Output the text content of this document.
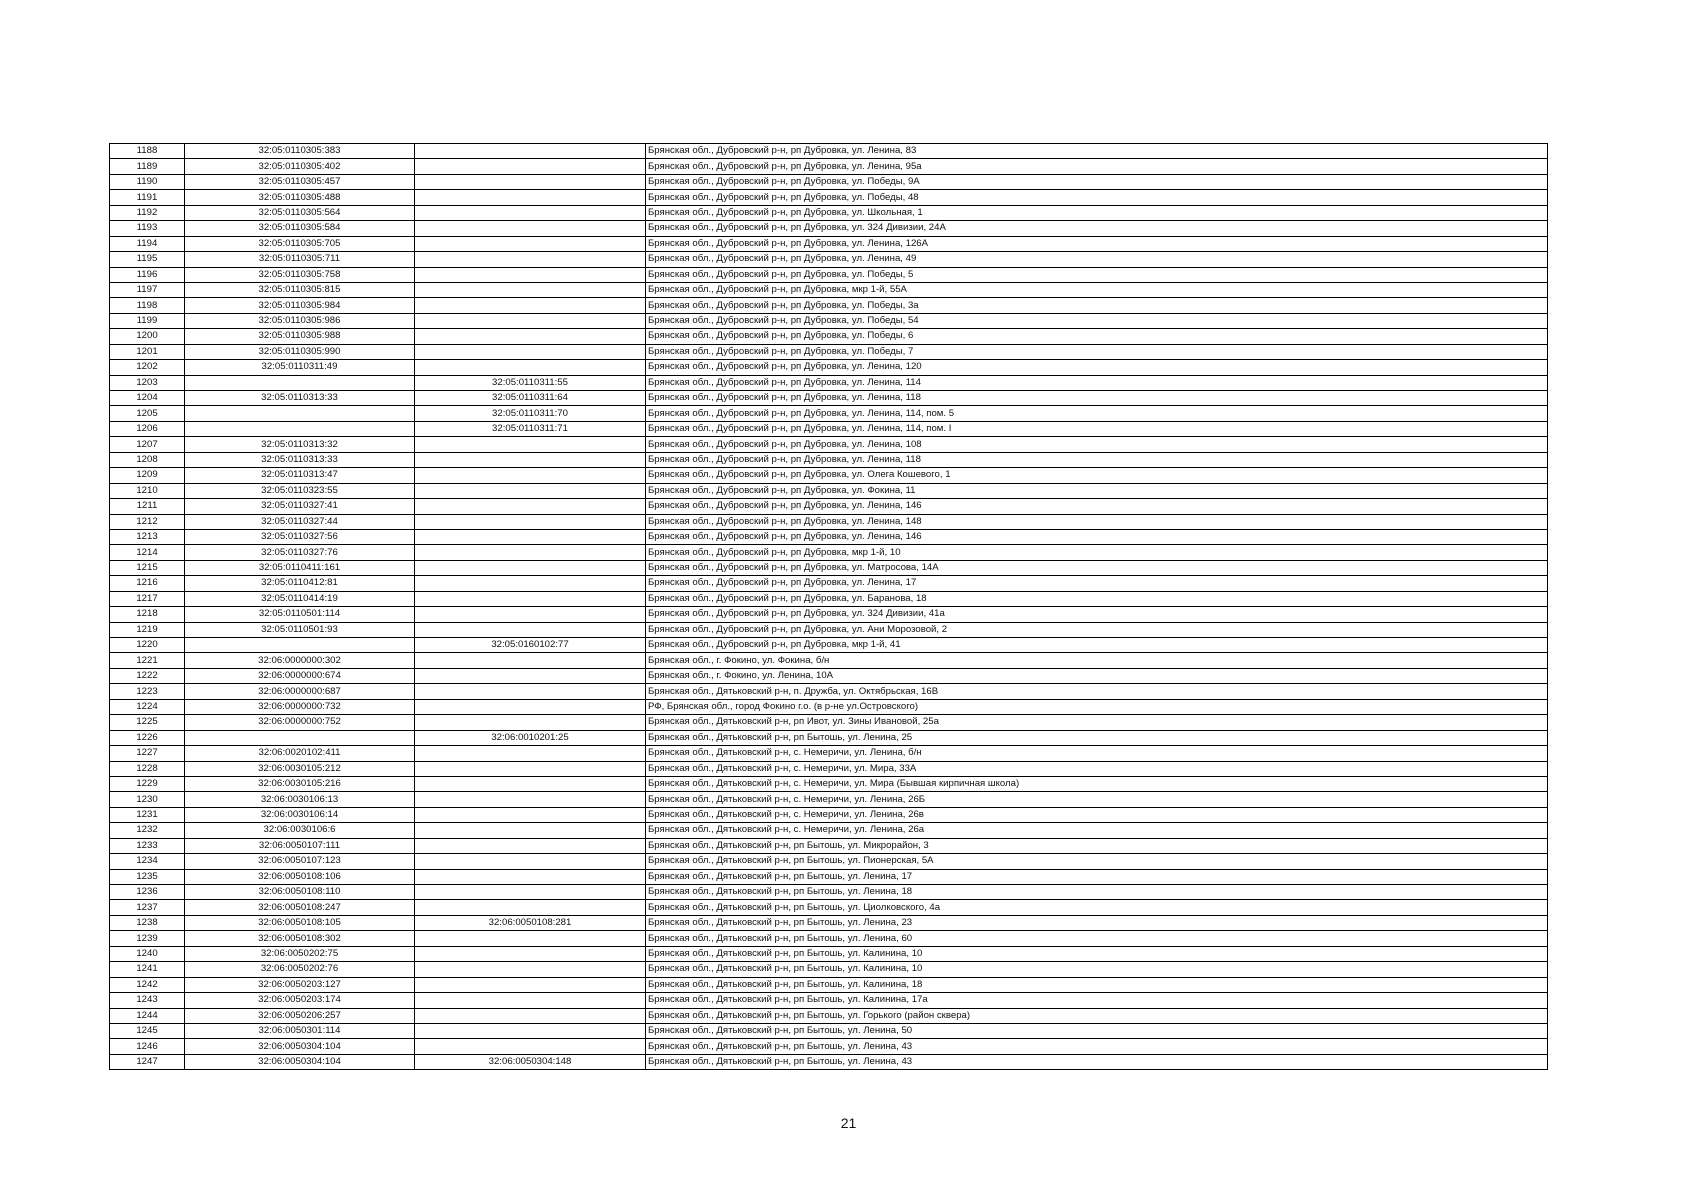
1188	32:05:0110305:383		Брянская обл., Дубровский р-н, рп Дубровка, ул. Ленина, 83
1189	32:05:0110305:402		Брянская обл., Дубровский р-н, рп Дубровка, ул. Ленина, 95а
1190	32:05:0110305:457		Брянская обл., Дубровский р-н, рп Дубровка, ул. Победы, 9А
1191	32:05:0110305:488		Брянская обл., Дубровский р-н, рп Дубровка, ул. Победы, 48
1192	32:05:0110305:564		Брянская обл., Дубровский р-н, рп Дубровка, ул. Школьная, 1
1193	32:05:0110305:584		Брянская обл., Дубровский р-н, рп Дубровка, ул. 324 Дивизии, 24А
1194	32:05:0110305:705		Брянская обл., Дубровский р-н, рп Дубровка, ул. Ленина, 126А
1195	32:05:0110305:711		Брянская обл., Дубровский р-н, рп Дубровка, ул. Ленина, 49
1196	32:05:0110305:758		Брянская обл., Дубровский р-н, рп Дубровка, ул. Победы, 5
1197	32:05:0110305:815		Брянская обл., Дубровский р-н, рп Дубровка, мкр 1-й, 55А
1198	32:05:0110305:984		Брянская обл., Дубровский р-н, рп Дубровка, ул. Победы, 3а
1199	32:05:0110305:986		Брянская обл., Дубровский р-н, рп Дубровка, ул. Победы, 54
1200	32:05:0110305:988		Брянская обл., Дубровский р-н, рп Дубровка, ул. Победы, 6
1201	32:05:0110305:990		Брянская обл., Дубровский р-н, рп Дубровка, ул. Победы, 7
1202	32:05:0110311:49		Брянская обл., Дубровский р-н, рп Дубровка, ул. Ленина, 120
1203		32:05:0110311:55	Брянская обл., Дубровский р-н, рп Дубровка, ул. Ленина, 114
1204	32:05:0110313:33	32:05:0110311:64	Брянская обл., Дубровский р-н, рп Дубровка, ул. Ленина, 118
1205		32:05:0110311:70	Брянская обл., Дубровский р-н, рп Дубровка, ул. Ленина, 114, пом. 5
1206		32:05:0110311:71	Брянская обл., Дубровский р-н, рп Дубровка, ул. Ленина, 114, пом. I
1207	32:05:0110313:32		Брянская обл., Дубровский р-н, рп Дубровка, ул. Ленина, 108
1208	32:05:0110313:33		Брянская обл., Дубровский р-н, рп Дубровка, ул. Ленина, 118
1209	32:05:0110313:47		Брянская обл., Дубровский р-н, рп Дубровка, ул. Олега Кошевого, 1
1210	32:05:0110323:55		Брянская обл., Дубровский р-н, рп Дубровка, ул. Фокина, 11
1211	32:05:0110327:41		Брянская обл., Дубровский р-н, рп Дубровка, ул. Ленина, 146
1212	32:05:0110327:44		Брянская обл., Дубровский р-н, рп Дубровка, ул. Ленина, 148
1213	32:05:0110327:56		Брянская обл., Дубровский р-н, рп Дубровка, ул. Ленина, 146
1214	32:05:0110327:76		Брянская обл., Дубровский р-н, рп Дубровка, мкр 1-й, 10
1215	32:05:0110411:161		Брянская обл., Дубровский р-н, рп Дубровка, ул. Матросова, 14А
1216	32:05:0110412:81		Брянская обл., Дубровский р-н, рп Дубровка, ул. Ленина, 17
1217	32:05:0110414:19		Брянская обл., Дубровский р-н, рп Дубровка, ул. Баранова, 18
1218	32:05:0110501:114		Брянская обл., Дубровский р-н, рп Дубровка, ул. 324 Дивизии, 41а
1219	32:05:0110501:93		Брянская обл., Дубровский р-н, рп Дубровка, ул. Ани Морозовой, 2
1220		32:05:0160102:77	Брянская обл., Дубровский р-н, рп Дубровка, мкр 1-й, 41
1221	32:06:0000000:302		Брянская обл., г. Фокино, ул. Фокина, б/н
1222	32:06:0000000:674		Брянская обл., г. Фокино, ул. Ленина, 10А
1223	32:06:0000000:687		Брянская обл., Дятьковский р-н, п. Дружба, ул. Октябрьская, 16В
1224	32:06:0000000:732		РФ, Брянская обл., город Фокино г.о. (в р-не ул.Островского)
1225	32:06:0000000:752		Брянская обл., Дятьковский р-н, рп Ивот, ул. Зины Ивановой, 25а
1226		32:06:0010201:25	Брянская обл., Дятьковский р-н, рп Бытошь, ул. Ленина, 25
1227	32:06:0020102:411		Брянская обл., Дятьковский р-н, с. Немеричи, ул. Ленина, б/н
1228	32:06:0030105:212		Брянская обл., Дятьковский р-н, с. Немеричи, ул. Мира, 33А
1229	32:06:0030105:216		Брянская обл., Дятьковский р-н, с. Немеричи, ул. Мира (Бывшая кирпичная школа)
1230	32:06:0030106:13		Брянская обл., Дятьковский р-н, с. Немеричи, ул. Ленина, 26Б
1231	32:06:0030106:14		Брянская обл., Дятьковский р-н, с. Немеричи, ул. Ленина, 26в
1232	32:06:0030106:6		Брянская обл., Дятьковский р-н, с. Немеричи, ул. Ленина, 26а
1233	32:06:0050107:111		Брянская обл., Дятьковский р-н, рп Бытошь, ул. Микрорайон, 3
1234	32:06:0050107:123		Брянская обл., Дятьковский р-н, рп Бытошь, ул. Пионерская, 5А
1235	32:06:0050108:106		Брянская обл., Дятьковский р-н, рп Бытошь, ул. Ленина, 17
1236	32:06:0050108:110		Брянская обл., Дятьковский р-н, рп Бытошь, ул. Ленина, 18
1237	32:06:0050108:247		Брянская обл., Дятьковский р-н, рп Бытошь, ул. Циолковского, 4а
1238	32:06:0050108:105	32:06:0050108:281	Брянская обл., Дятьковский р-н, рп Бытошь, ул. Ленина, 23
1239	32:06:0050108:302		Брянская обл., Дятьковский р-н, рп Бытошь, ул. Ленина, 60
1240	32:06:0050202:75		Брянская обл., Дятьковский р-н, рп Бытошь, ул. Калинина, 10
1241	32:06:0050202:76		Брянская обл., Дятьковский р-н, рп Бытошь, ул. Калинина, 10
1242	32:06:0050203:127		Брянская обл., Дятьковский р-н, рп Бытошь, ул. Калинина, 18
1243	32:06:0050203:174		Брянская обл., Дятьковский р-н, рп Бытошь, ул. Калинина, 17а
1244	32:06:0050206:257		Брянская обл., Дятьковский р-н, рп Бытошь, ул. Горького (район сквера)
1245	32:06:0050301:114		Брянская обл., Дятьковский р-н, рп Бытошь, ул. Ленина, 50
1246	32:06:0050304:104		Брянская обл., Дятьковский р-н, рп Бытошь, ул. Ленина, 43
1247	32:06:0050304:104	32:06:0050304:148	Брянская обл., Дятьковский р-н, рп Бытошь, ул. Ленина, 43
21
